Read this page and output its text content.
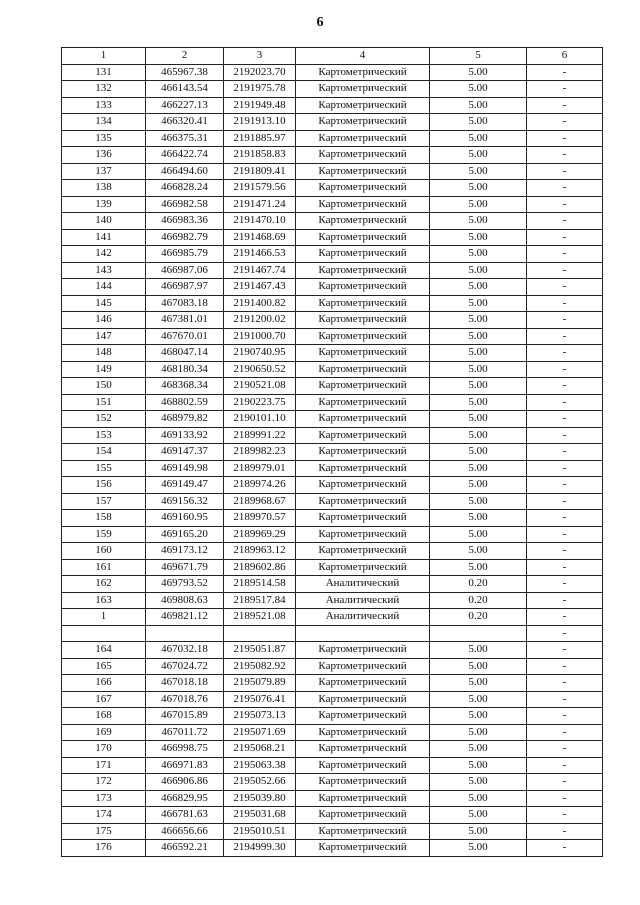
6
1	2	3	4	5	6
131	465967.38	2192023.70	Картометрический	5.00	-
132	466143.54	2191975.78	Картометрический	5.00	-
133	466227.13	2191949.48	Картометрический	5.00	-
134	466320.41	2191913.10	Картометрический	5.00	-
135	466375.31	2191885.97	Картометрический	5.00	-
136	466422.74	2191858.83	Картометрический	5.00	-
137	466494.60	2191809.41	Картометрический	5.00	-
138	466828.24	2191579.56	Картометрический	5.00	-
139	466982.58	2191471.24	Картометрический	5.00	-
140	466983.36	2191470.10	Картометрический	5.00	-
141	466982.79	2191468.69	Картометрический	5.00	-
142	466985.79	2191466.53	Картометрический	5.00	-
143	466987.06	2191467.74	Картометрический	5.00	-
144	466987.97	2191467.43	Картометрический	5.00	-
145	467083.18	2191400.82	Картометрический	5.00	-
146	467381.01	2191200.02	Картометрический	5.00	-
147	467670.01	2191000.70	Картометрический	5.00	-
148	468047.14	2190740.95	Картометрический	5.00	-
149	468180.34	2190650.52	Картометрический	5.00	-
150	468368.34	2190521.08	Картометрический	5.00	-
151	468802.59	2190223.75	Картометрический	5.00	-
152	468979.82	2190101.10	Картометрический	5.00	-
153	469133.92	2189991.22	Картометрический	5.00	-
154	469147.37	2189982.23	Картометрический	5.00	-
155	469149.98	2189979.01	Картометрический	5.00	-
156	469149.47	2189974.26	Картометрический	5.00	-
157	469156.32	2189968.67	Картометрический	5.00	-
158	469160.95	2189970.57	Картометрический	5.00	-
159	469165.20	2189969.29	Картометрический	5.00	-
160	469173.12	2189963.12	Картометрический	5.00	-
161	469671.79	2189602.86	Картометрический	5.00	-
162	469793.52	2189514.58	Аналитический	0.20	-
163	469808.63	2189517.84	Аналитический	0.20	-
1	469821.12	2189521.08	Аналитический	0.20	-
					-
164	467032.18	2195051.87	Картометрический	5.00	-
165	467024.72	2195082.92	Картометрический	5.00	-
166	467018.18	2195079.89	Картометрический	5.00	-
167	467018.76	2195076.41	Картометрический	5.00	-
168	467015.89	2195073.13	Картометрический	5.00	-
169	467011.72	2195071.69	Картометрический	5.00	-
170	466998.75	2195068.21	Картометрический	5.00	-
171	466971.83	2195063.38	Картометрический	5.00	-
172	466906.86	2195052.66	Картометрический	5.00	-
173	466829.95	2195039.80	Картометрический	5.00	-
174	466781.63	2195031.68	Картометрический	5.00	-
175	466656.66	2195010.51	Картометрический	5.00	-
176	466592.21	2194999.30	Картометрический	5.00	-
